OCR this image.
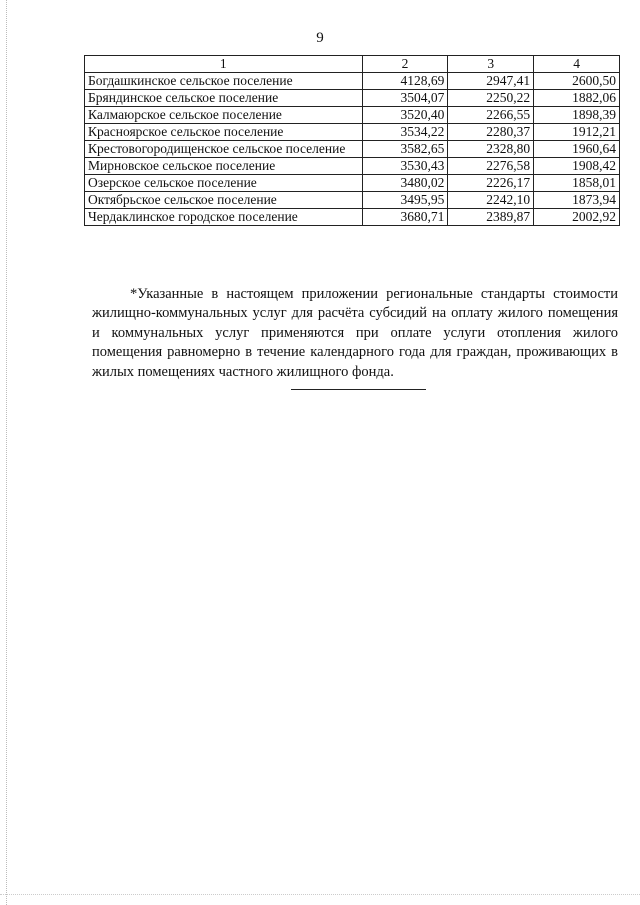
9
1	2	3	4
Богдашкинское сельское поселение	4128,69	2947,41	2600,50
Бряндинское сельское поселение	3504,07	2250,22	1882,06
Калмаюрское сельское поселение	3520,40	2266,55	1898,39
Красноярское сельское поселение	3534,22	2280,37	1912,21
Крестовогородищенское сельское поселение	3582,65	2328,80	1960,64
Мирновское сельское поселение	3530,43	2276,58	1908,42
Озерское сельское поселение	3480,02	2226,17	1858,01
Октябрьское сельское поселение	3495,95	2242,10	1873,94
Чердаклинское городское поселение	3680,71	2389,87	2002,92

*Указанные в настоящем приложении региональные стандарты стоимости жилищно-коммунальных услуг для расчёта субсидий на оплату жилого помещения и коммунальных услуг применяются при оплате услуги отопления жилого помещения равномерно в течение календарного года для граждан, проживающих в жилых помещениях частного жилищного фонда.
